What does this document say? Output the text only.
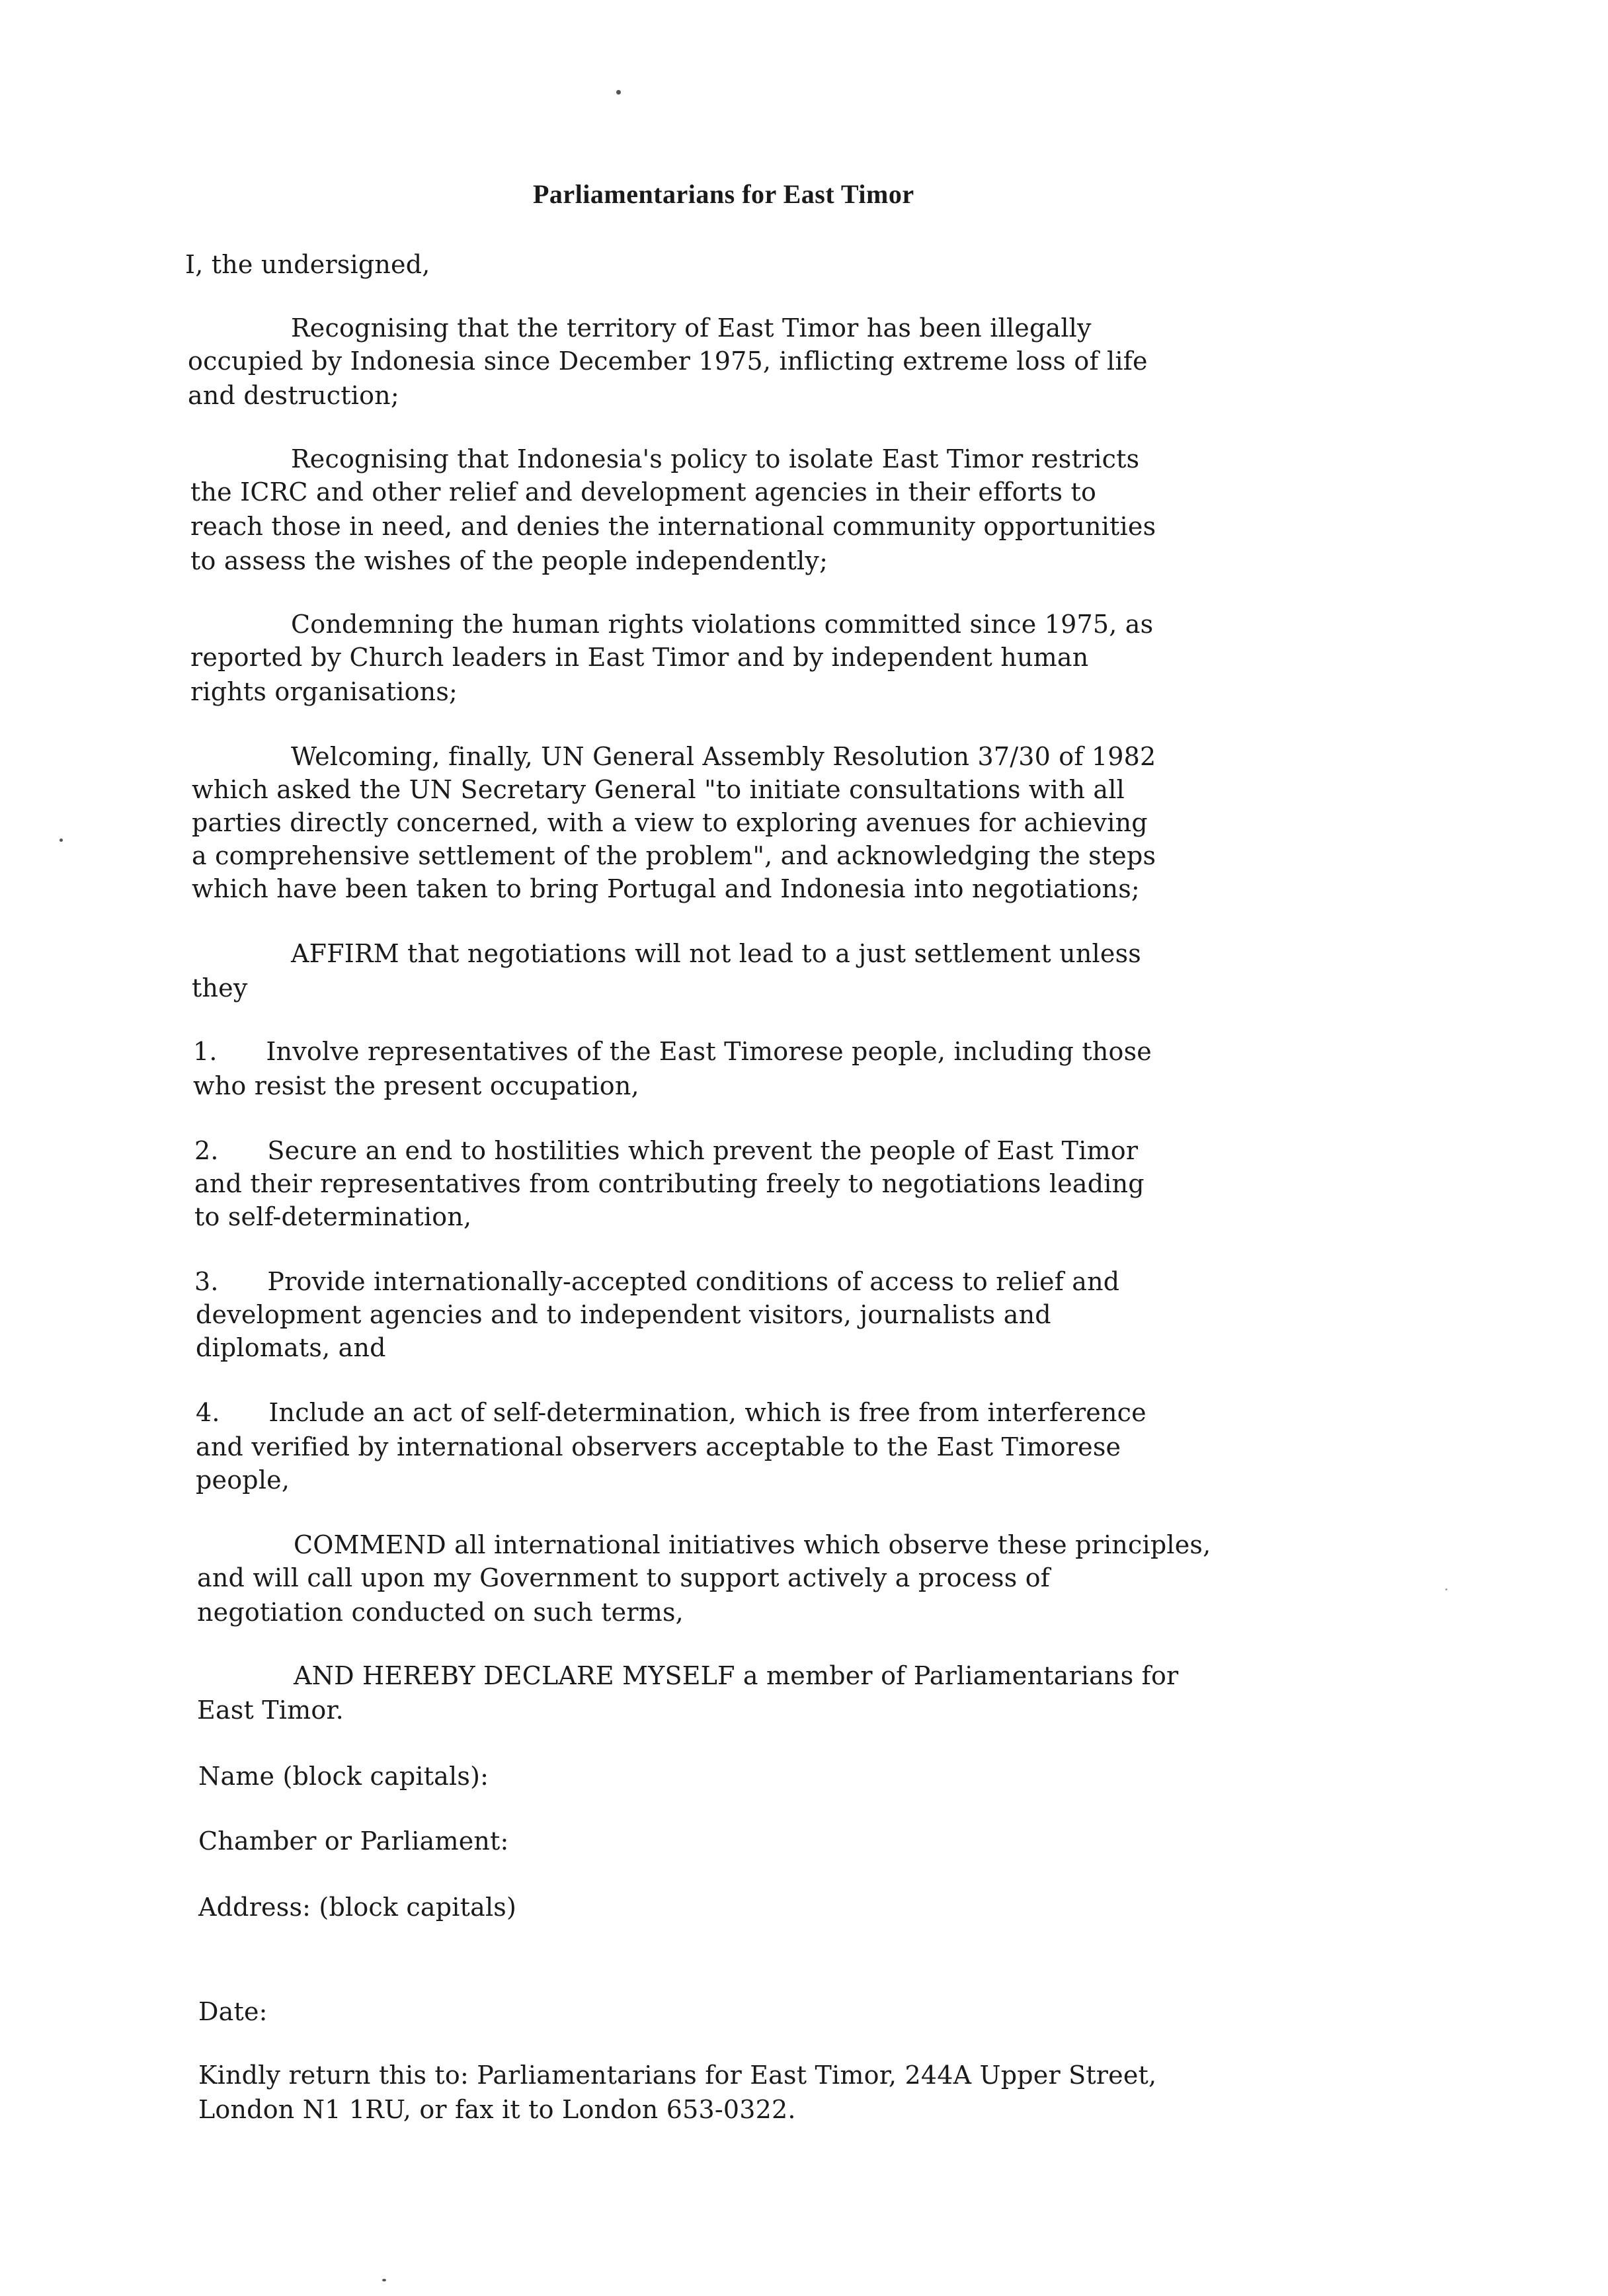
Parliamentarians for East Timor
I, the undersigned,
Recognising that the territory of East Timor has been illegally
occupied by Indonesia since December 1975, inflicting extreme loss of life
and destruction;
Recognising that Indonesia's policy to isolate East Timor restricts
the ICRC and other relief and development agencies in their efforts to
reach those in need, and denies the international community opportunities
to assess the wishes of the people independently;
Condemning the human rights violations committed since 1975, as
reported by Church leaders in East Timor and by independent human
rights organisations;
Welcoming, finally, UN General Assembly Resolution 37/30 of 1982
which asked the UN Secretary General "to initiate consultations with all
parties directly concerned, with a view to exploring avenues for achieving
a comprehensive settlement of the problem", and acknowledging the steps
which have been taken to bring Portugal and Indonesia into negotiations;
AFFIRM that negotiations will not lead to a just settlement unless
they
1.      Involve representatives of the East Timorese people, including those
who resist the present occupation,
2.      Secure an end to hostilities which prevent the people of East Timor
and their representatives from contributing freely to negotiations leading
to self-determination,
3.      Provide internationally-accepted conditions of access to relief and
development agencies and to independent visitors, journalists and
diplomats, and
4.      Include an act of self-determination, which is free from interference
and verified by international observers acceptable to the East Timorese
people,
COMMEND all international initiatives which observe these principles,
and will call upon my Government to support actively a process of
negotiation conducted on such terms,
AND HEREBY DECLARE MYSELF a member of Parliamentarians for
East Timor.
Name (block capitals):
Chamber or Parliament:
Address: (block capitals)
Date:
Kindly return this to: Parliamentarians for East Timor, 244A Upper Street,
London N1 1RU, or fax it to London 653-0322.
